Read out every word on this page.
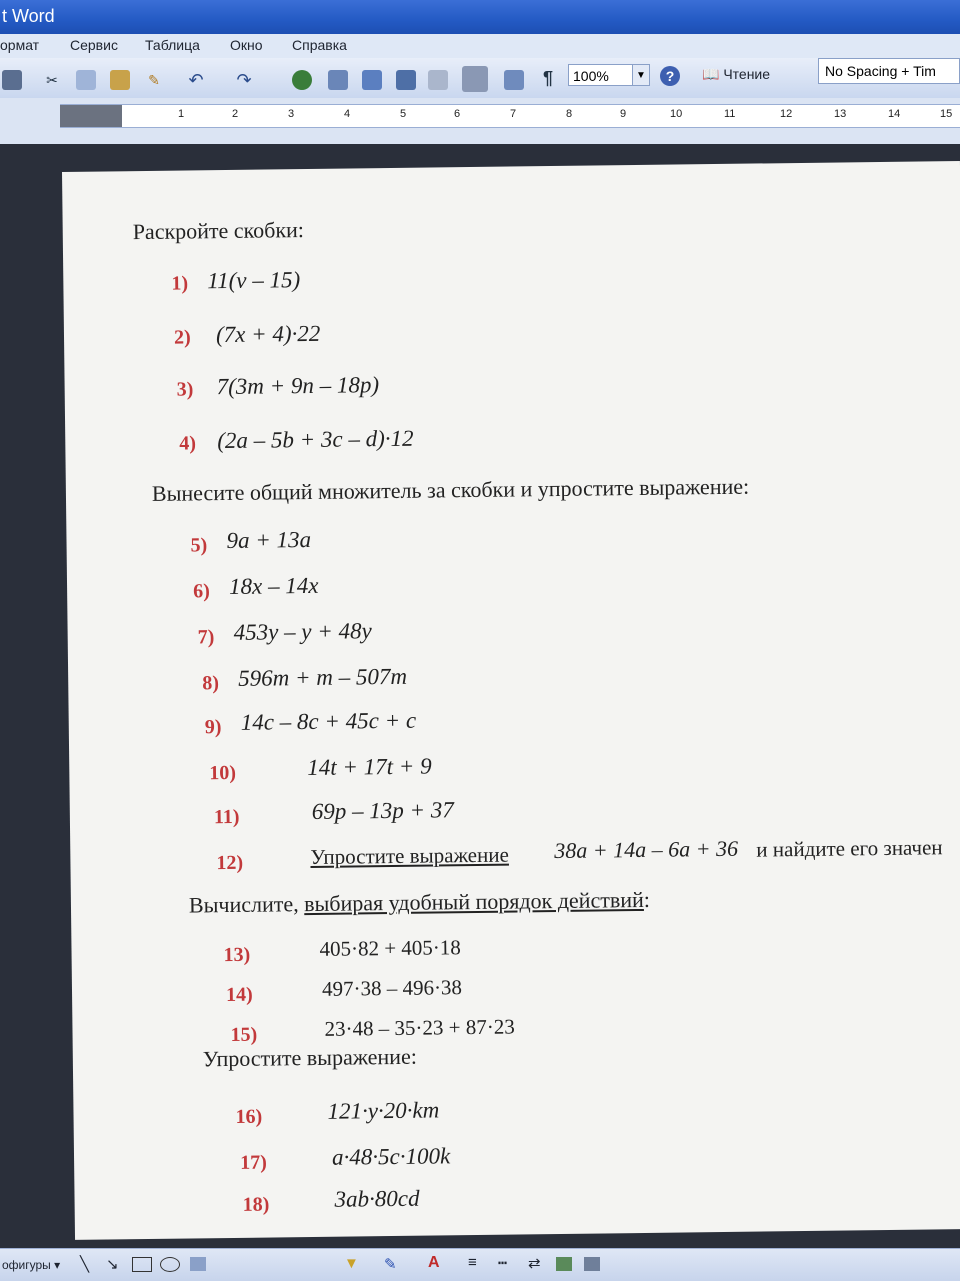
t Word
ормат Сервис Таблица Окно Справка
✂	✎ ↶ ↷	¶	100%	▼	?	📖 Чтение	No Spacing + Tim
1	2	3	4	5	6	7	8	9	10	11	12	13	14	15
Раскройте скобки:
1) 11(v – 15)
2) (7x + 4)·22
3) 7(3m + 9n – 18p)
4) (2a – 5b + 3c – d)·12
Вынесите общий множитель за скобки и упростите выражение:
5) 9a + 13a
6) 18x – 14x
7) 453y – y + 48y
8) 596m + m – 507m
9) 14c – 8c + 45c + c
10)	14t + 17t + 9
11)	69p – 13p + 37
12)	Упростите выражение 38a + 14a – 6a + 36 и найдите его значен
Вычислите, выбирая удобный порядок действий:
13)	405·82 + 405·18
14)	497·38 – 496·38
15)	23·48 – 35·23 + 87·23
Упростите выражение:
16)	121·y·20·km
17)	a·48·5c·100k
18)	3ab·80cd
офигуры ▾ ╲ ↘	▼ ✎ A ≡ ┅ ⇄
